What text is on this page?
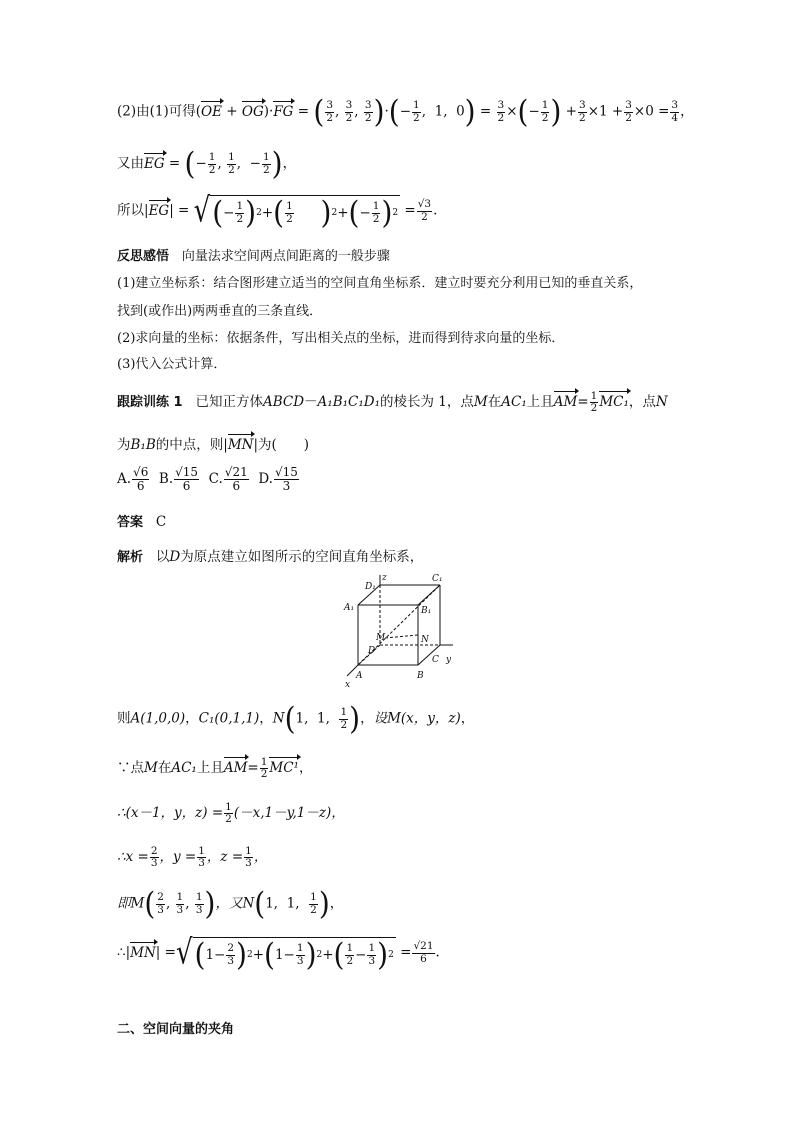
(2)由(1)可得(OE + OG)·FG = ( $\frac{3}{2}$ , $\frac{3}{2}$ , $\frac{3}{2}$ )·(− $\frac{1}{2}$ ,  1,  $0) = \frac{3}{2}$ ×(− $\frac{1}{2}$ ) + $\frac{3}{2} \times 1 + \frac{3}{2} \times 0 = \frac{3}{4}$ ，
又由EG = (− $\frac{1}{2}$ , $\frac{1}{2}$ ,  − $\frac{1}{2}$ )，
所以|EG| = √ ( − $\frac{1}{2}$ ) 2 + ( $\frac{1}{2}$
) 2 + ( − $\frac{1}{2}$ ) $2 = \frac{√3}{2}$ .
反思感悟 向量法求空间两点间距离的一般步骤
(1)建立坐标系：结合图形建立适当的空间直角坐标系．建立时要充分利用已知的垂直关系，
找到(或作出)两两垂直的三条直线．
(2)求向量的坐标：依据条件，写出相关点的坐标，进而得到待求向量的坐标．
(3)代入公式计算．
跟踪训练 1 已知正方体ABCD－A₁B₁C₁D₁的棱长为 1，点M在AC₁上且$AM= \frac{1}{2} MC_1$，点N
为B₁B的中点，则|MN|为(　　)
A. $\frac{√6}{6} B$. $\frac{√15}{6} C$. $\frac{√21}{6} D$. $\frac{√15}{3}$
答案 C
解析 以D为原点建立如图所示的空间直角坐标系，
D₁
z	C₁
A₁	B₁
M	N
D
C y
A	B
x
则A(1,0,0)，C₁(0,1,1)，N(1,  1, $\frac{1}{2}$ )，设M(x，y，z)，
∵点M在AC₁上且$AM= \frac{1}{2} MC^1$，
∴(x－1，y，$z) = \frac{1}{2} (-x,1-y,1-z)$，
∴x = $\frac{2}{3}$ ，$y = \frac{1}{3}$ ，$z = \frac{1}{3}$ ，
即$M( \frac{2}{3}$ , $\frac{1}{3}$ , $\frac{1}{3}$ )，又N(1,  1, $\frac{1}{2}$ )，
∴|MN| = √ ( $1- \frac{2}{3}$ ) 2 + ( $1- \frac{1}{3}$ ) 2 + ( $\frac{1}{2} - \frac{1}{3}$ ) $2 = \frac{√21}{6}$ .
二、空间向量的夹角
